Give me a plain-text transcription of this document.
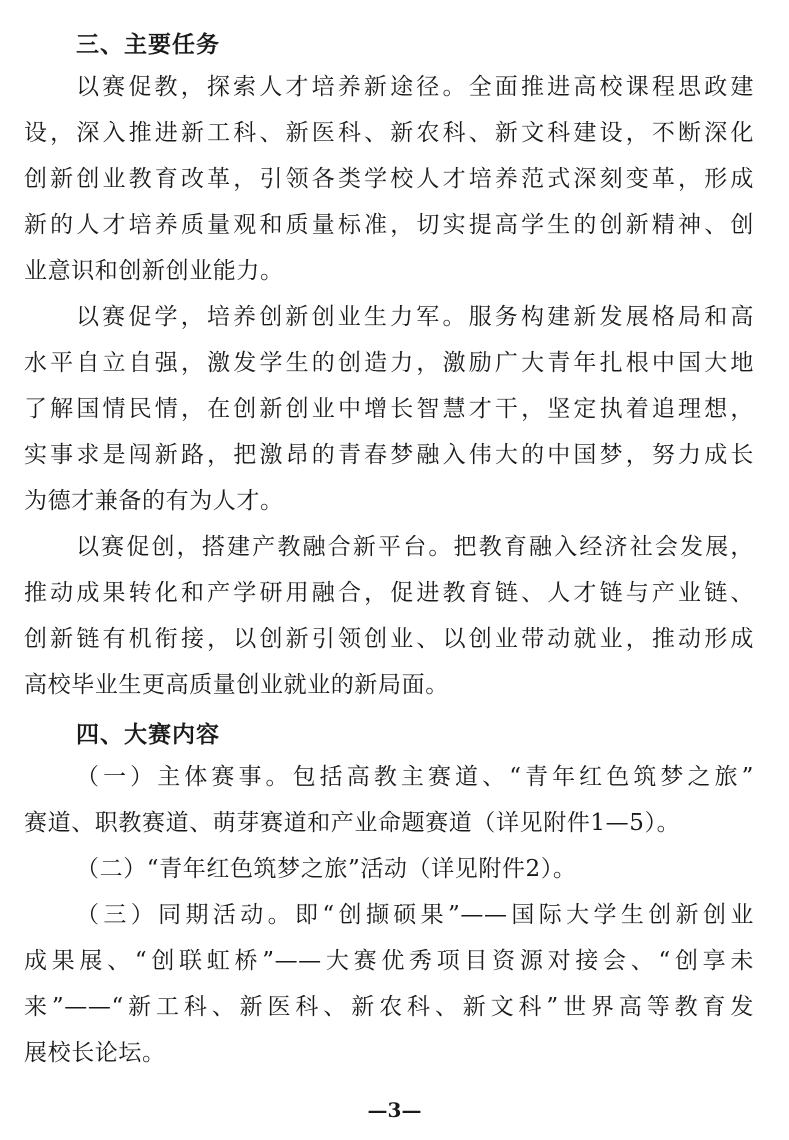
三、主要任务
以赛促教，探索人才培养新途径。全面推进高校课程思政建
设，深入推进新工科、新医科、新农科、新文科建设，不断深化
创新创业教育改革，引领各类学校人才培养范式深刻变革，形成
新的人才培养质量观和质量标准，切实提高学生的创新精神、创
业意识和创新创业能力。
以赛促学，培养创新创业生力军。服务构建新发展格局和高
水平自立自强，激发学生的创造力，激励广大青年扎根中国大地
了解国情民情，在创新创业中增长智慧才干，坚定执着追理想，
实事求是闯新路，把激昂的青春梦融入伟大的中国梦，努力成长
为德才兼备的有为人才。
以赛促创，搭建产教融合新平台。把教育融入经济社会发展，
推动成果转化和产学研用融合，促进教育链、人才链与产业链、
创新链有机衔接，以创新引领创业、以创业带动就业，推动形成
高校毕业生更高质量创业就业的新局面。
四、大赛内容
（一）主体赛事。包括高教主赛道、“青年红色筑梦之旅”
赛道、职教赛道、萌芽赛道和产业命题赛道（详见附件1—5）。
（二）“青年红色筑梦之旅”活动（详见附件2）。
（三）同期活动。即“创撷硕果”——国际大学生创新创业
成果展、“创联虹桥”——大赛优秀项目资源对接会、“创享未
来”——“新工科、新医科、新农科、新文科”世界高等教育发
展校长论坛。
—3—
